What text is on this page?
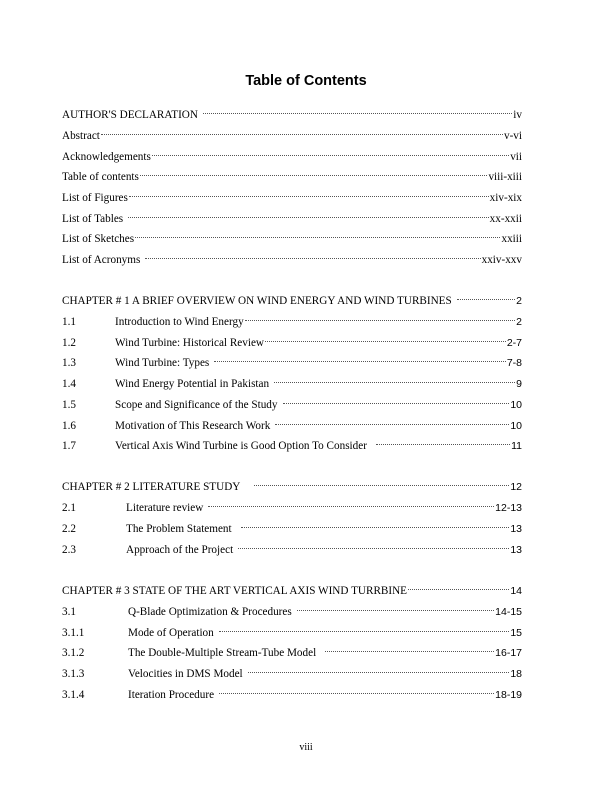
Table of Contents
AUTHOR'S DECLARATION	iv
Abstract	v-vi
Acknowledgements	vii
Table of contents	viii-xiii
List of Figures	xiv-xix
List of Tables	xx-xxii
List of Sketches	xxiii
List of Acronyms	xxiv-xxv
CHAPTER # 1 A BRIEF OVERVIEW ON WIND ENERGY AND WIND TURBINES	2
1.1	Introduction to Wind Energy	2
1.2	Wind Turbine: Historical Review	2-7
1.3	Wind Turbine: Types	7-8
1.4	Wind Energy Potential in Pakistan	9
1.5	Scope and Significance of the Study	10
1.6	Motivation of This Research Work	10
1.7	Vertical Axis Wind Turbine is Good Option To Consider	11
CHAPTER # 2 LITERATURE STUDY	12
2.1	Literature review	12-13
2.2	The Problem Statement	13
2.3	Approach of the Project	13
CHAPTER # 3 STATE OF THE ART VERTICAL AXIS WIND TURRBINE	14
3.1	Q-Blade Optimization & Procedures	14-15
3.1.1	Mode of Operation	15
3.1.2	The Double-Multiple Stream-Tube Model	16-17
3.1.3	Velocities in DMS Model	18
3.1.4	Iteration Procedure	18-19
viii
